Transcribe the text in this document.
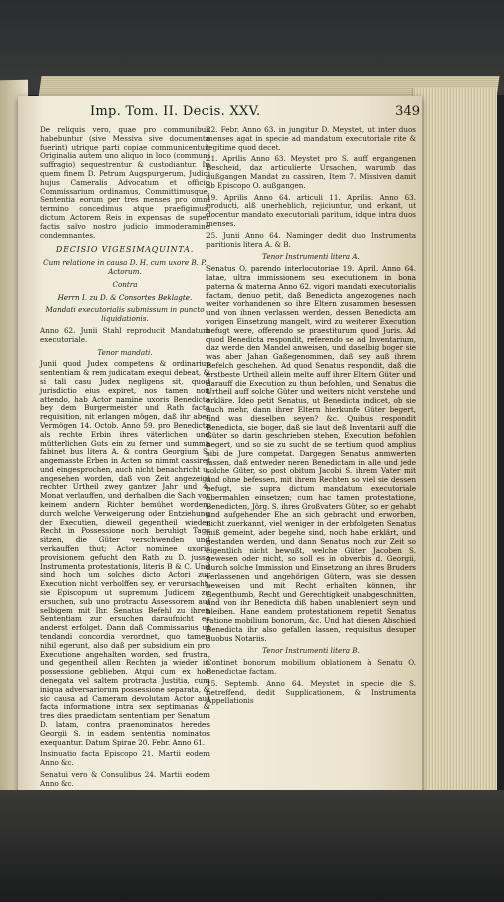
Imp. Tom. II. Decis. XXV.	349

De reliquis vero, quae pro communibus habebuntur (sive Messiva sive documenta fuerint) utrique parti copiae communicentur, Originalia autem uno aliquo in loco (communi suffragio) sequestrentur & custodiantur. In quem finem D. Petrum Augspurgerum, Judici hujus Cameralis Advocatum et officio Commissarium ordinamus, Committimusque. Sententia eorum per tres menses pro omni termino concedimus atque praefigimus, dictum Actorem Reis in expensas de super factis salvo nostro judicio immoderamine condemnantes.

DECISIO VIGESIMAQUINTA.
Cum relatione in causa D. H. cum uxore B. P. Actorum.
Contra
Herrn I. zu D. & Consortes Beklagte.
Mandati executorialis submissum in puncto liquidationis.

Anno 62. Junii Stahl reproducit Mandatum executoriale.

Tenor mandati.

Junii quod Judex competens & ordinarius sententiam & rem judicatam exequi debeat, & si tali casu Judex negligens sit, quod jurisdictio eius expiret, nos tamen non attendo, hab Actor namine uxoris Benedicta bey dem Burgermeister und Rath facta requisition, nit erlangen mögen, daß ihr aber Vermögen 14. Octob. Anno 59. pro Benedicta als rechte Erbin ihres väterlichen und mütterlichen Guts ein zu ferner und summa fabinet bus litera A. & contra Georgium S. angemasste Erben in Acten so nimmt cassiret und eingesprochen, auch nicht benachricht u. angesehen worden, daß von Zeit angezeigt rechter Urtheil zwey gantzer Jahr und 4. Monat verlauffen, und derhalben die Sach vor keinem andern Richter bemühet worden, durch welche Verweigerung oder Entziehung der Executien, dieweil gegentheil wieder Recht in Possessione noch beruhigt Tags sitzen, die Güter verschwenden und verkauffen thut; Actor nominee uxoris provisionem gefucht den Rath zu D. jussa Instrumenta protestationis, literis B & C. Und sind hoch um solches dicto Actori zur Execution nicht verholffen sey, er verursacht, sie Episcopum ut supremum Judicem zu ersuchen, sub uno protractu Assessorem auf selbigem mit Ihr. Senatus Befehl zu ihren Sententiam zur ersuchen daraufnicht es anderst erfolget. Dann daß Commissarius ut tendandi concordia verordnet, quo tamen nihil egerunt, also daß per subsidium ein pro Executione angehalten worden, sed frustra, und gegentheil allen Rechten ja wieder in possessione geblieben. Atqui cum ex hoc denegata vel saltem protracta Justitia, cum iniqua adversariorum possessione separata, & sic causa ad Cameram devolutam Actor aut facta informatione intra sex septimanas & tres dies praedictam sententiam per Senatum D. latam, contra praenominatos heredes Georgii S. in eadem sententia nominatos exequantur. Datum Spirae 20. Febr. Anno 61.

Insinuatio facta Episcopo 21. Martii eodem Anno &c.

Senatui vero & Consulibus 24. Martii eodem Anno &c.

22. Febr. Anno 63. in jungitur D. Meystet, ut inter duos menses agat in specie ad mandatum executoriale rite & legitime quod decet.

21. Aprilis Anno 63. Meystet pro S. auff ergangenen Bescheid, daz articulierte Ursachen, warumb das außgangen Mandat zu cassiren, Item 7. Missiven damit ab Episcopo O. außgangen.

19. Aprilis Anno 64. articuli 11. Aprilis. Anno 63. producti, alß unerheblich, rejiciuntur, und erkant, ut docentur mandato executoriali paritum, idque intra duos menses.

25. Junii Anno 64. Naminger dedit duo Instrumenta paritionis litera A. & B.

Tenor Instrumenti litera A.

Senatus O. parendo interlocutoriae 19. April. Anno 64. latae, ultra immissionem seu executionem in bona paterna & materna Anno 62. vigori mandati executorialis factam, denuo petit, daß Benedicta angezogenes nach weiter vorhandenen so ihre Eltern zusammen besessen und von ihnen verlassen werden, dessen Benedicta am vorigen Einsetzung mangelt, wird zu weiterer Execution befugt were, offerendo se praestiturum quod Juris. Ad quod Benedicta respondit, referendo se ad Inventarium, daz werde den Mandel anweisen, und daselbig boger sie was aber Jahan Gaßegenommen, daß sey auß ihrem Befelch geschehen. Ad quod Senatus respondit, daß die erstbeste Urtheil allein melte auff ihrer Eltern Güter und darauff die Execution zu thun befohlen, und Senatus die Urtheil auff solche Güter und weiters nicht verstehe und erkläre. Ideo petit Senatus, ut Benedicta indicet, ob sie auch mehr, dann ihrer Eltern hierkunfe Güter begert, und was dieselben seyen? &c. Quibus respondit Benedicta, sie boger, daß sie laut deß Inventarii auff die Güter so darin geschrieben stehen, Execution befohlen begert, und so sie zu sucht de se tertium quod amplius sibi de Jure competat. Dargegen Senatus anmwerten lassen, daß entweder neren Benedictam in alle und jede solche Güter, so post obitum Jacobi S. ihrem Vater mit und ohne befessen, mit ihrem Rechten so viel sie dessen befugt, sie supra dictum mandatum executoriale abermahlen einsetzen; cum hac tamen protestatione, Benedicten, Jörg. S. ihres Großvaters Güter, so er gehabt und aufgehender Ehe an sich gebracht und erworben, nicht zuerkannt, viel weniger in der erbfolgeten Senatus miß gemeint, ader begehe sind, noch habe erklärt, und gestanden werden, und dann Senatus noch zur Zeit so eigentlich nicht bewußt, welche Güter Jacoben S. gewesen oder nicht, so soll es in obverbis d. Georgii, durch solche Immission und Einsetzung an ihres Bruders verlassenen und angehörigen Gütern, was sie dessen beweisen und mit Recht erhalten können, ihr Gegenthumb, Recht und Gerechtigkeit unabgeschnitten, und von ihr Benedicta diß haben unableniert seyn und bleiben. Hane eandem protestationem repetit Senatus ratione mobilium bonorum, &c. Und hat diesen Abschied Benedicta ihr also gefallen lassen, requisitus desuper duobus Notariis.

Tenor Instrumenti litera B.

Continet bonorum mobilium oblationem à Senatu O. Benedictae factam.

15. Septemb. Anno 64. Meystet in specie die S. betreffend, dedit Supplicationem, & Instrumenta Appellationis
